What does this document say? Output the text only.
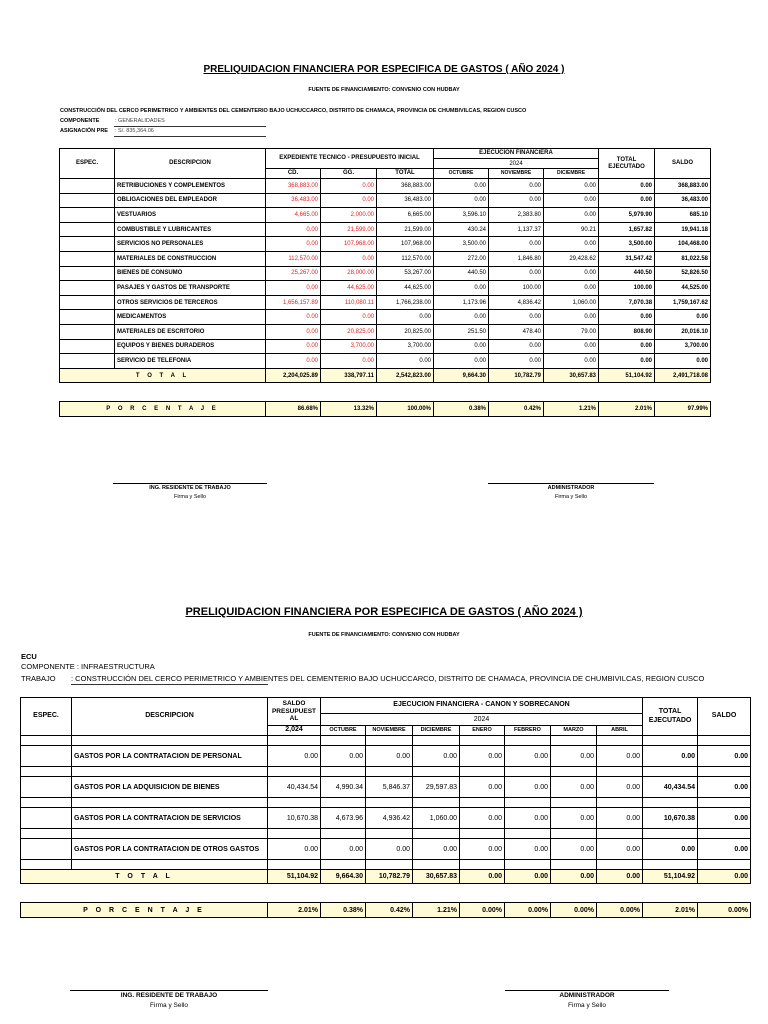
PRELIQUIDACION FINANCIERA POR ESPECIFICA DE GASTOS ( AÑO 2024 )
FUENTE DE FINANCIAMIENTO: CONVENIO CON HUDBAY
CONSTRUCCIÓN DEL CERCO PERIMETRICO Y AMBIENTES DEL CEMENTERIO BAJO UCHUCCARCO, DISTRITO DE CHAMACA, PROVINCIA DE CHUMBIVILCAS, REGION CUSCO
COMPONENTE	: GENERALIDADES
ASIGNACIÓN PRE : S/. 835,364.06
ESPEC.	DESCRIPCION	EXPEDIENTE TECNICO - PRESUPUESTO INICIAL			EJECUCION FINANCIERA			TOTAL EJECUTADO	SALDO
					2024				
		CD.	GG.	TOTAL	OCTUBRE	NOVIEMBRE	DICIEMBRE		
	RETRIBUCIONES Y COMPLEMENTOS	368,883.00	0.00	368,883.00	0.00	0.00	0.00	0.00	368,883.00
	OBLIGACIONES DEL EMPLEADOR	36,483.00	0.00	36,483.00	0.00	0.00	0.00	0.00	36,483.00
	VESTUARIOS	4,665.00	2,000.00	6,665.00	3,596.10	2,383.80	0.00	5,979.90	685.10
	COMBUSTIBLE Y LUBRICANTES	0.00	21,599.00	21,599.00	430.24	1,137.37	90.21	1,657.82	19,941.18
	SERVICIOS NO PERSONALES	0.00	107,968.00	107,968.00	3,500.00	0.00	0.00	3,500.00	104,468.00
	MATERIALES DE CONSTRUCCION	112,570.00	0.00	112,570.00	272.00	1,846.80	29,428.62	31,547.42	81,022.58
	BIENES DE CONSUMO	25,267.00	28,000.00	53,267.00	440.50	0.00	0.00	440.50	52,826.50
	PASAJES Y GASTOS DE TRANSPORTE	0.00	44,625.00	44,625.00	0.00	100.00	0.00	100.00	44,525.00
	OTROS SERVICIOS DE TERCEROS	1,656,157.89	110,080.11	1,766,238.00	1,173.96	4,836.42	1,060.00	7,070.38	1,759,167.62
	MEDICAMENTOS	0.00	0.00	0.00	0.00	0.00	0.00	0.00	0.00
	MATERIALES DE ESCRITORIO	0.00	20,825.00	20,825.00	251.50	478.40	79.00	808.90	20,016.10
	EQUIPOS Y BIENES DURADEROS	0.00	3,700.00	3,700.00	0.00	0.00	0.00	0.00	3,700.00
	SERVICIO DE TELEFONIA	0.00	0.00	0.00	0.00	0.00	0.00	0.00	0.00
T O T A L		2,204,025.89	338,797.11	2,542,823.00	9,664.30	10,782.79	30,657.83	51,104.92	2,491,718.08
P O R C E N T A J E	86.68%	13.32%	100.00%	0.38%	0.42%	1.21%	2.01%	97.99%
ING. RESIDENTE DE TRABAJO
Firma y Sello
ADMINISTRADOR
Firma y Sello
PRELIQUIDACION FINANCIERA POR ESPECIFICA DE GASTOS ( AÑO 2024 )
FUENTE DE FINANCIAMIENTO: CONVENIO CON HUDBAY
ECU
COMPONENTE : INFRAESTRUCTURA
TRABAJO : CONSTRUCCIÓN DEL CERCO PERIMETRICO Y AMBIENTES DEL CEMENTERIO BAJO UCHUCCARCO, DISTRITO DE CHAMACA, PROVINCIA DE CHUMBIVILCAS, REGION CUSCO
ESPEC.	DESCRIPCION	SALDO PRESUPUEST AL	EJECUCION FINANCIERA - CANON Y SOBRECANON							TOTAL EJECUTADO	SALDO
			2024								
		2,024	OCTUBRE	NOVIEMBRE	DICIEMBRE	ENERO	FEBRERO	MARZO	ABRIL		

	GASTOS POR LA CONTRATACION DE PERSONAL	0.00	0.00	0.00	0.00	0.00	0.00	0.00	0.00	0.00	0.00

	GASTOS POR LA ADQUISICION DE BIENES	40,434.54	4,990.34	5,846.37	29,597.83	0.00	0.00	0.00	0.00	40,434.54	0.00

	GASTOS POR LA CONTRATACION DE SERVICIOS	10,670.38	4,673.96	4,936.42	1,060.00	0.00	0.00	0.00	0.00	10,670.38	0.00

	GASTOS POR LA CONTRATACION DE OTROS GASTOS	0.00	0.00	0.00	0.00	0.00	0.00	0.00	0.00	0.00	0.00

T O T A L		51,104.92	9,664.30	10,782.79	30,657.83	0.00	0.00	0.00	0.00	51,104.92	0.00
P O R C E N T A J E	2.01%	0.38%	0.42%	1.21%	0.00%	0.00%	0.00%	0.00%	2.01%	0.00%
ING. RESIDENTE DE TRABAJO
Firma y Sello
ADMINISTRADOR
Firma y Sello
